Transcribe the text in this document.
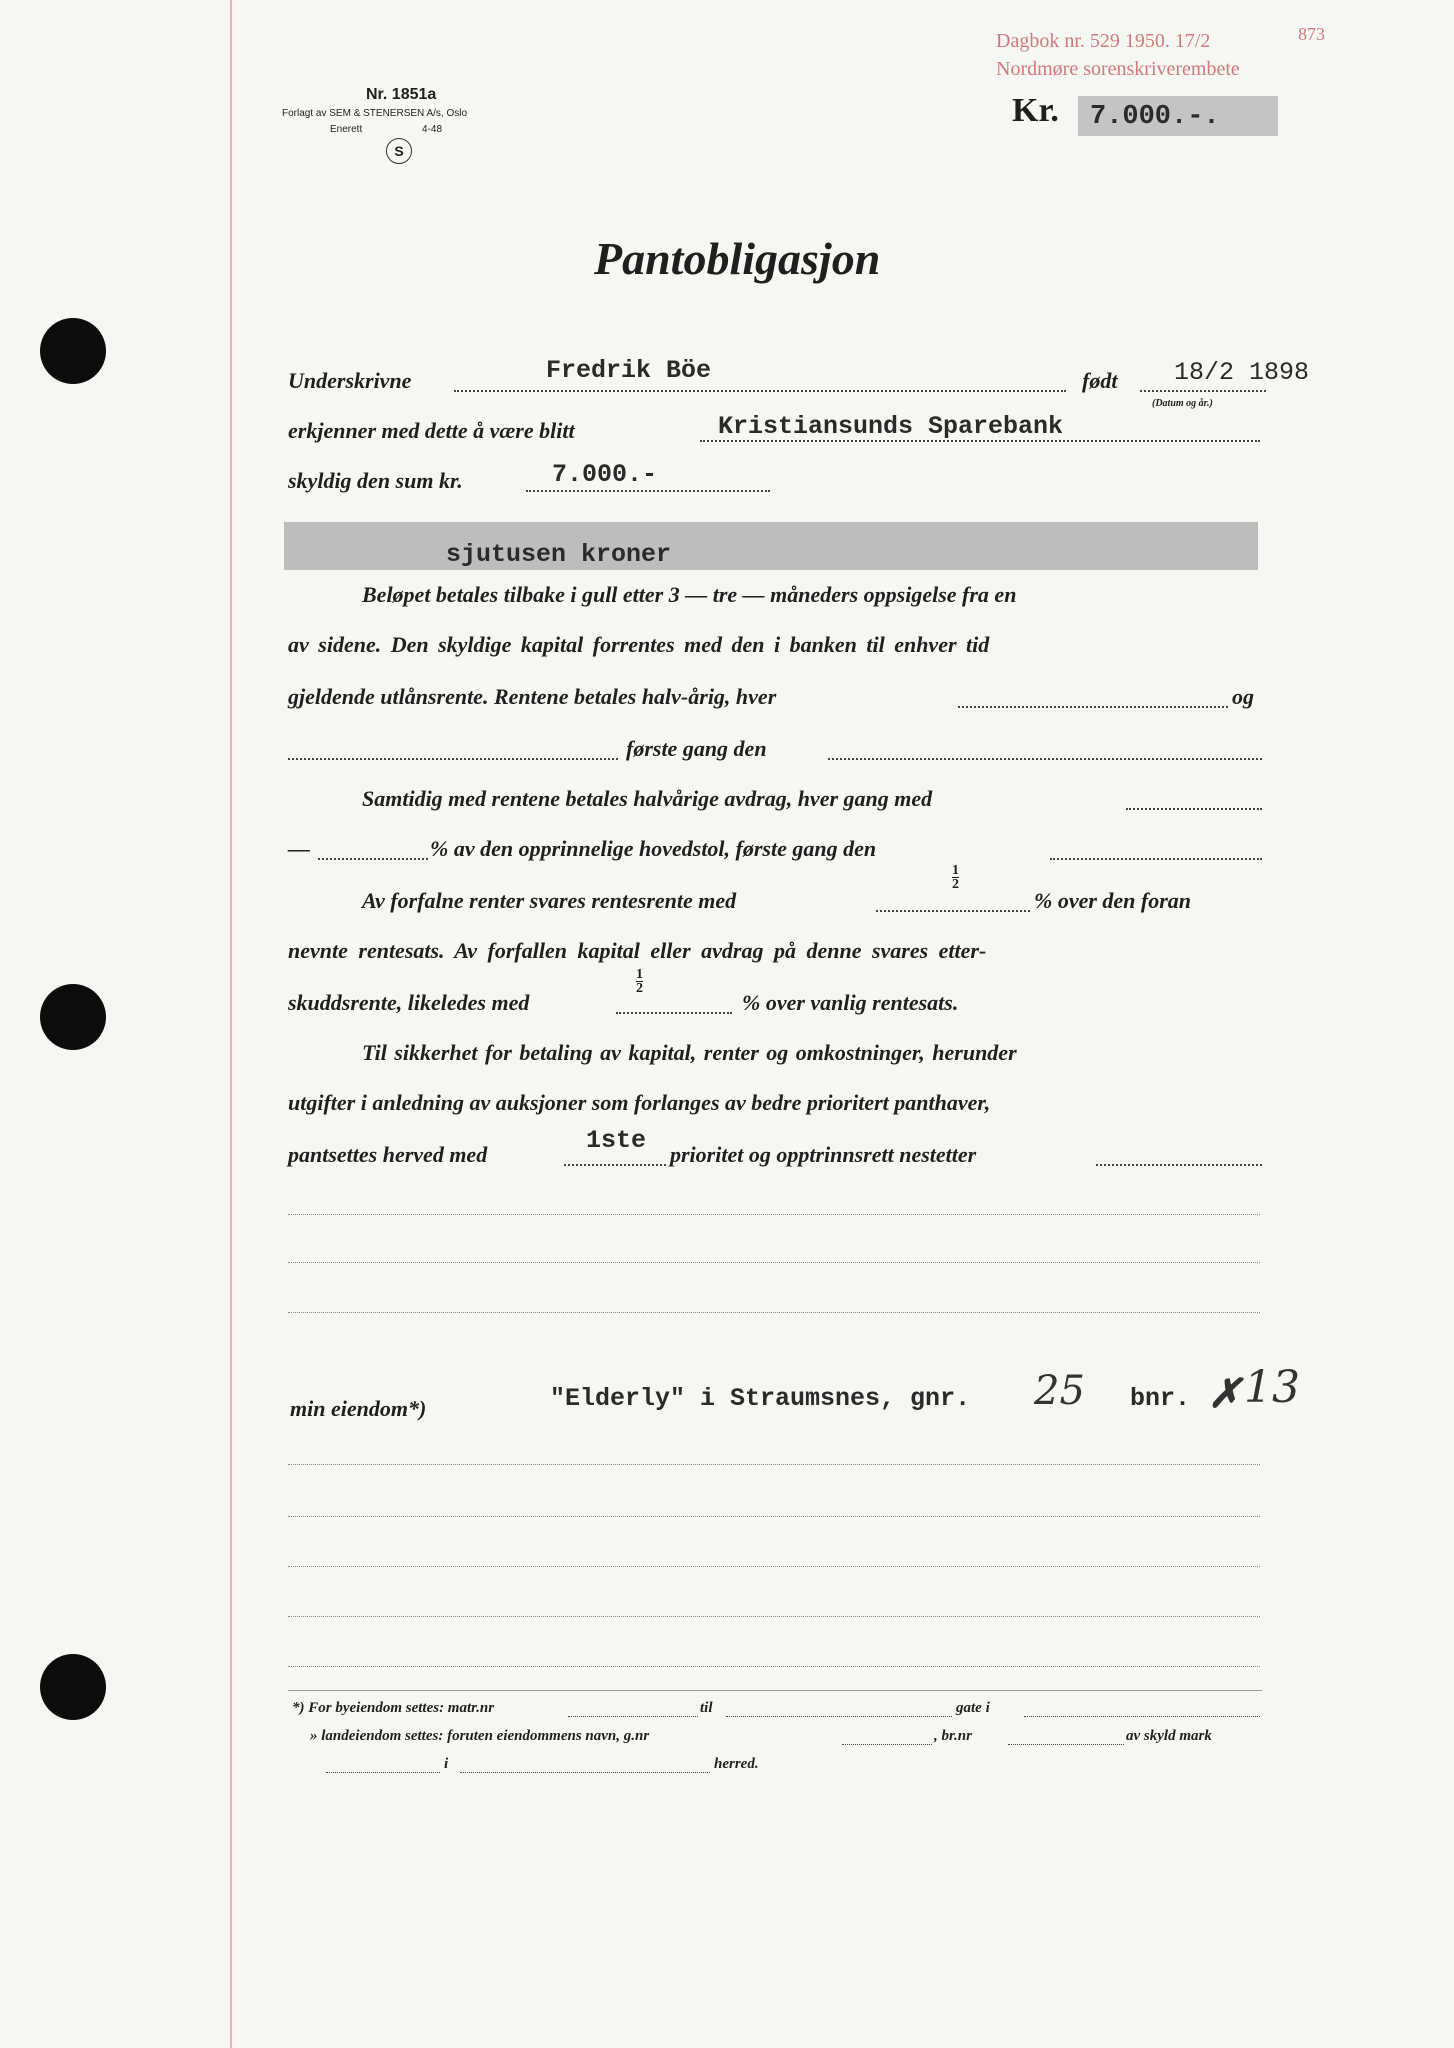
Nr. 1851a
Forlagt av SEM & STENERSEN A/s, Oslo
Enerett
S
4-48
Dagbok nr. 529 1950. 17/2	873
Nordmøre sorenskriverembete
Kr. 7.000.-.
Pantobligasjon
Underskrivne	Fredrik Böe	født 18/2 1898
(Datum og år.)
erkjenner med dette å være blitt	Kristiansunds Sparebank
skyldig den sum kr.	7.000.-
sjutusen kroner
Beløpet betales tilbake i gull etter 3 — tre — måneders oppsigelse fra en
av sidene. Den skyldige kapital forrentes med den i banken til enhver tid
gjeldende utlånsrente. Rentene betales halv-årig, hver	og
første gang den
Samtidig med rentene betales halvårige avdrag, hver gang med
—	% av den opprinnelige hovedstol, første gang den
Av forfalne renter svares rentesrente med
$\frac{1}{2}$
% over den foran
nevnte rentesats. Av forfallen kapital eller avdrag på denne svares etter-
skuddsrente, likeledes med
$\frac{1}{2}$
% over vanlig rentesats.
Til sikkerhet for betaling av kapital, renter og omkostninger, herunder
utgifter i anledning av auksjoner som forlanges av bedre prioritert panthaver,
pantsettes herved med	1ste prioritet og opptrinnsrett nestetter
min eiendom*)	"Elderly" i Straumsnes, gnr. 25 bnr. ✗ 13
*) For byeiendom settes: matr.nr	til	gate i
» landeiendom settes: foruten eiendommens navn, g.nr	, br.nr	av skyld mark
i	herred.
